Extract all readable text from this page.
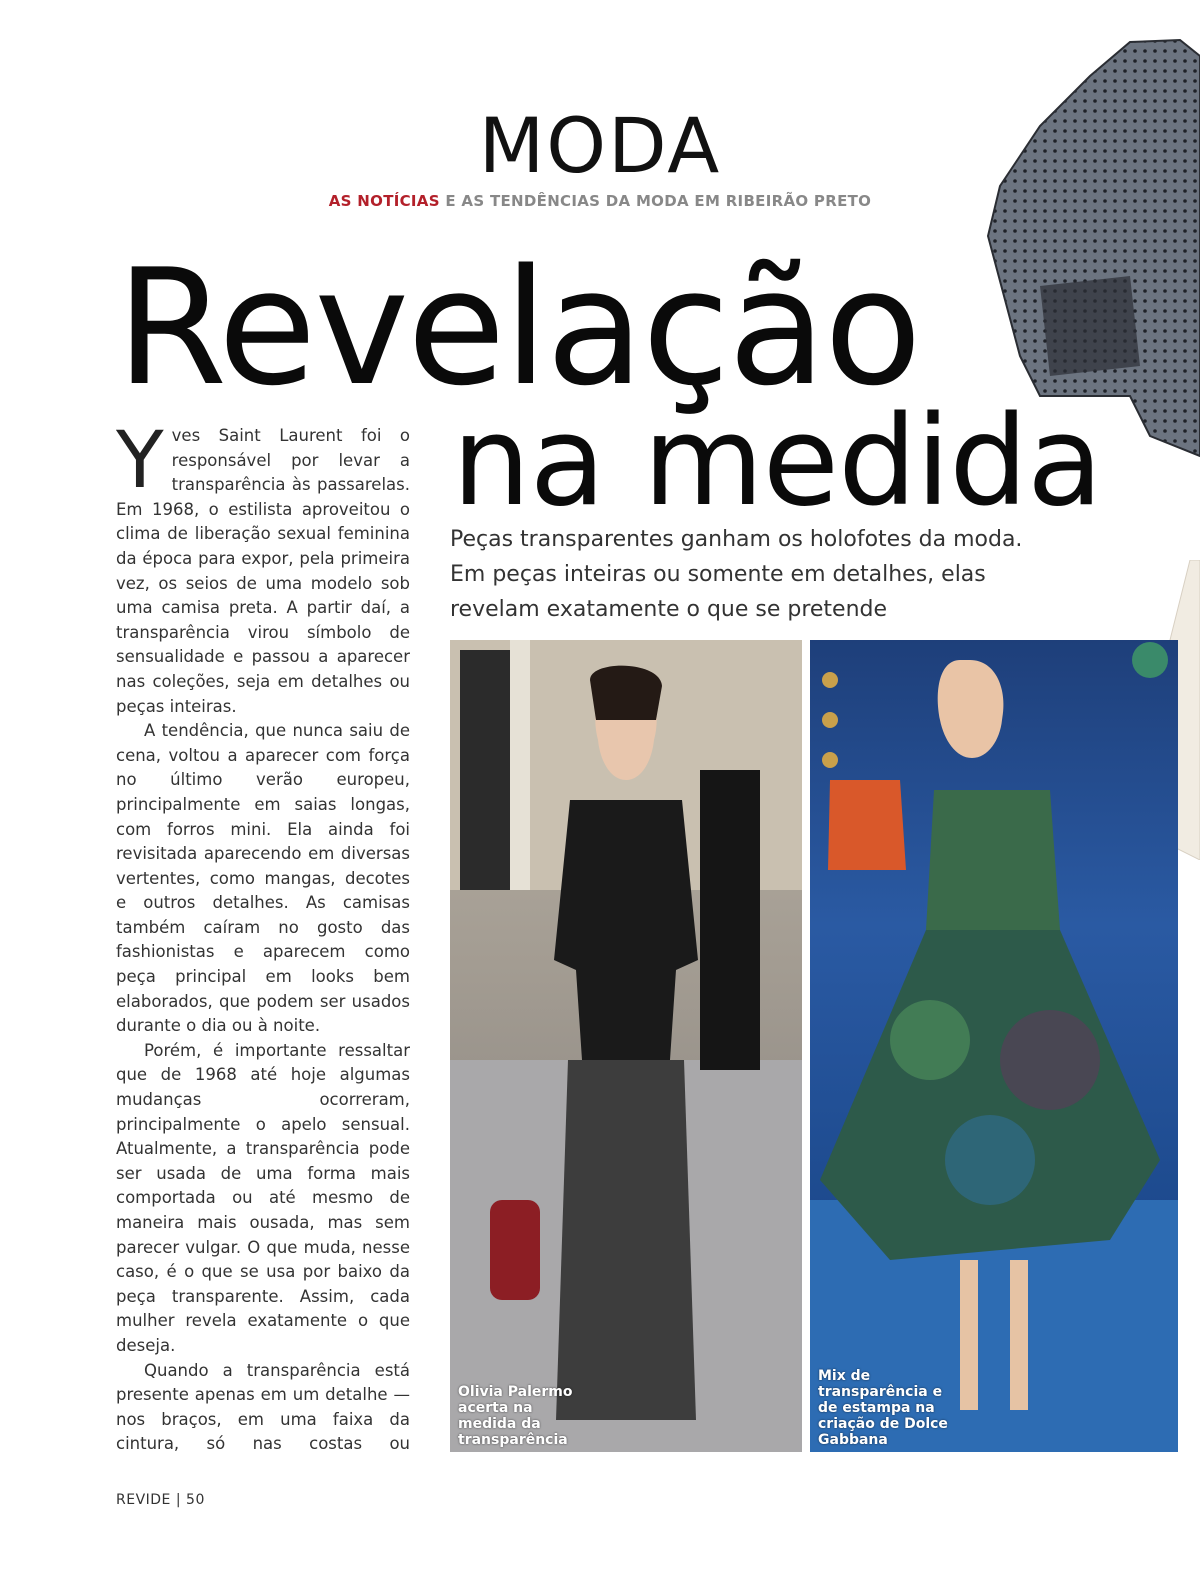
MODA
AS NOTÍCIAS E AS TENDÊNCIAS DA MODA EM RIBEIRÃO PRETO
Revelação
na medida
Peças transparentes ganham os holofotes da moda. Em peças inteiras ou somente em detalhes, elas revelam exatamente o que se pretende

Yves Saint Laurent foi o responsável por levar a transparência às passarelas. Em 1968, o estilista aproveitou o clima de liberação sexual feminina da época para expor, pela primeira vez, os seios de uma modelo sob uma camisa preta. A partir daí, a transparência virou símbolo de sensualidade e passou a aparecer nas coleções, seja em detalhes ou peças inteiras.

A tendência, que nunca saiu de cena, voltou a aparecer com força no último verão europeu, principalmente em saias longas, com forros mini. Ela ainda foi revisitada aparecendo em diversas vertentes, como mangas, decotes e outros detalhes. As camisas também caíram no gosto das fashionistas e aparecem como peça principal em looks bem elaborados, que podem ser usados durante o dia ou à noite.

Porém, é importante ressaltar que de 1968 até hoje algumas mudanças ocorreram, principalmente o apelo sensual. Atualmente, a transparência pode ser usada de uma forma mais comportada ou até mesmo de maneira mais ousada, mas sem parecer vulgar. O que muda, nesse caso, é o que se usa por baixo da peça transparente. Assim, cada mulher revela exatamente o que deseja.

Quando a transparência está presente apenas em um detalhe — nos braços, em uma faixa da cintura, só nas costas ou

Olivia Palermo acerta na medida da transparência
Mix de transparência e de estampa na criação de Dolce Gabbana
REVIDE | 50
